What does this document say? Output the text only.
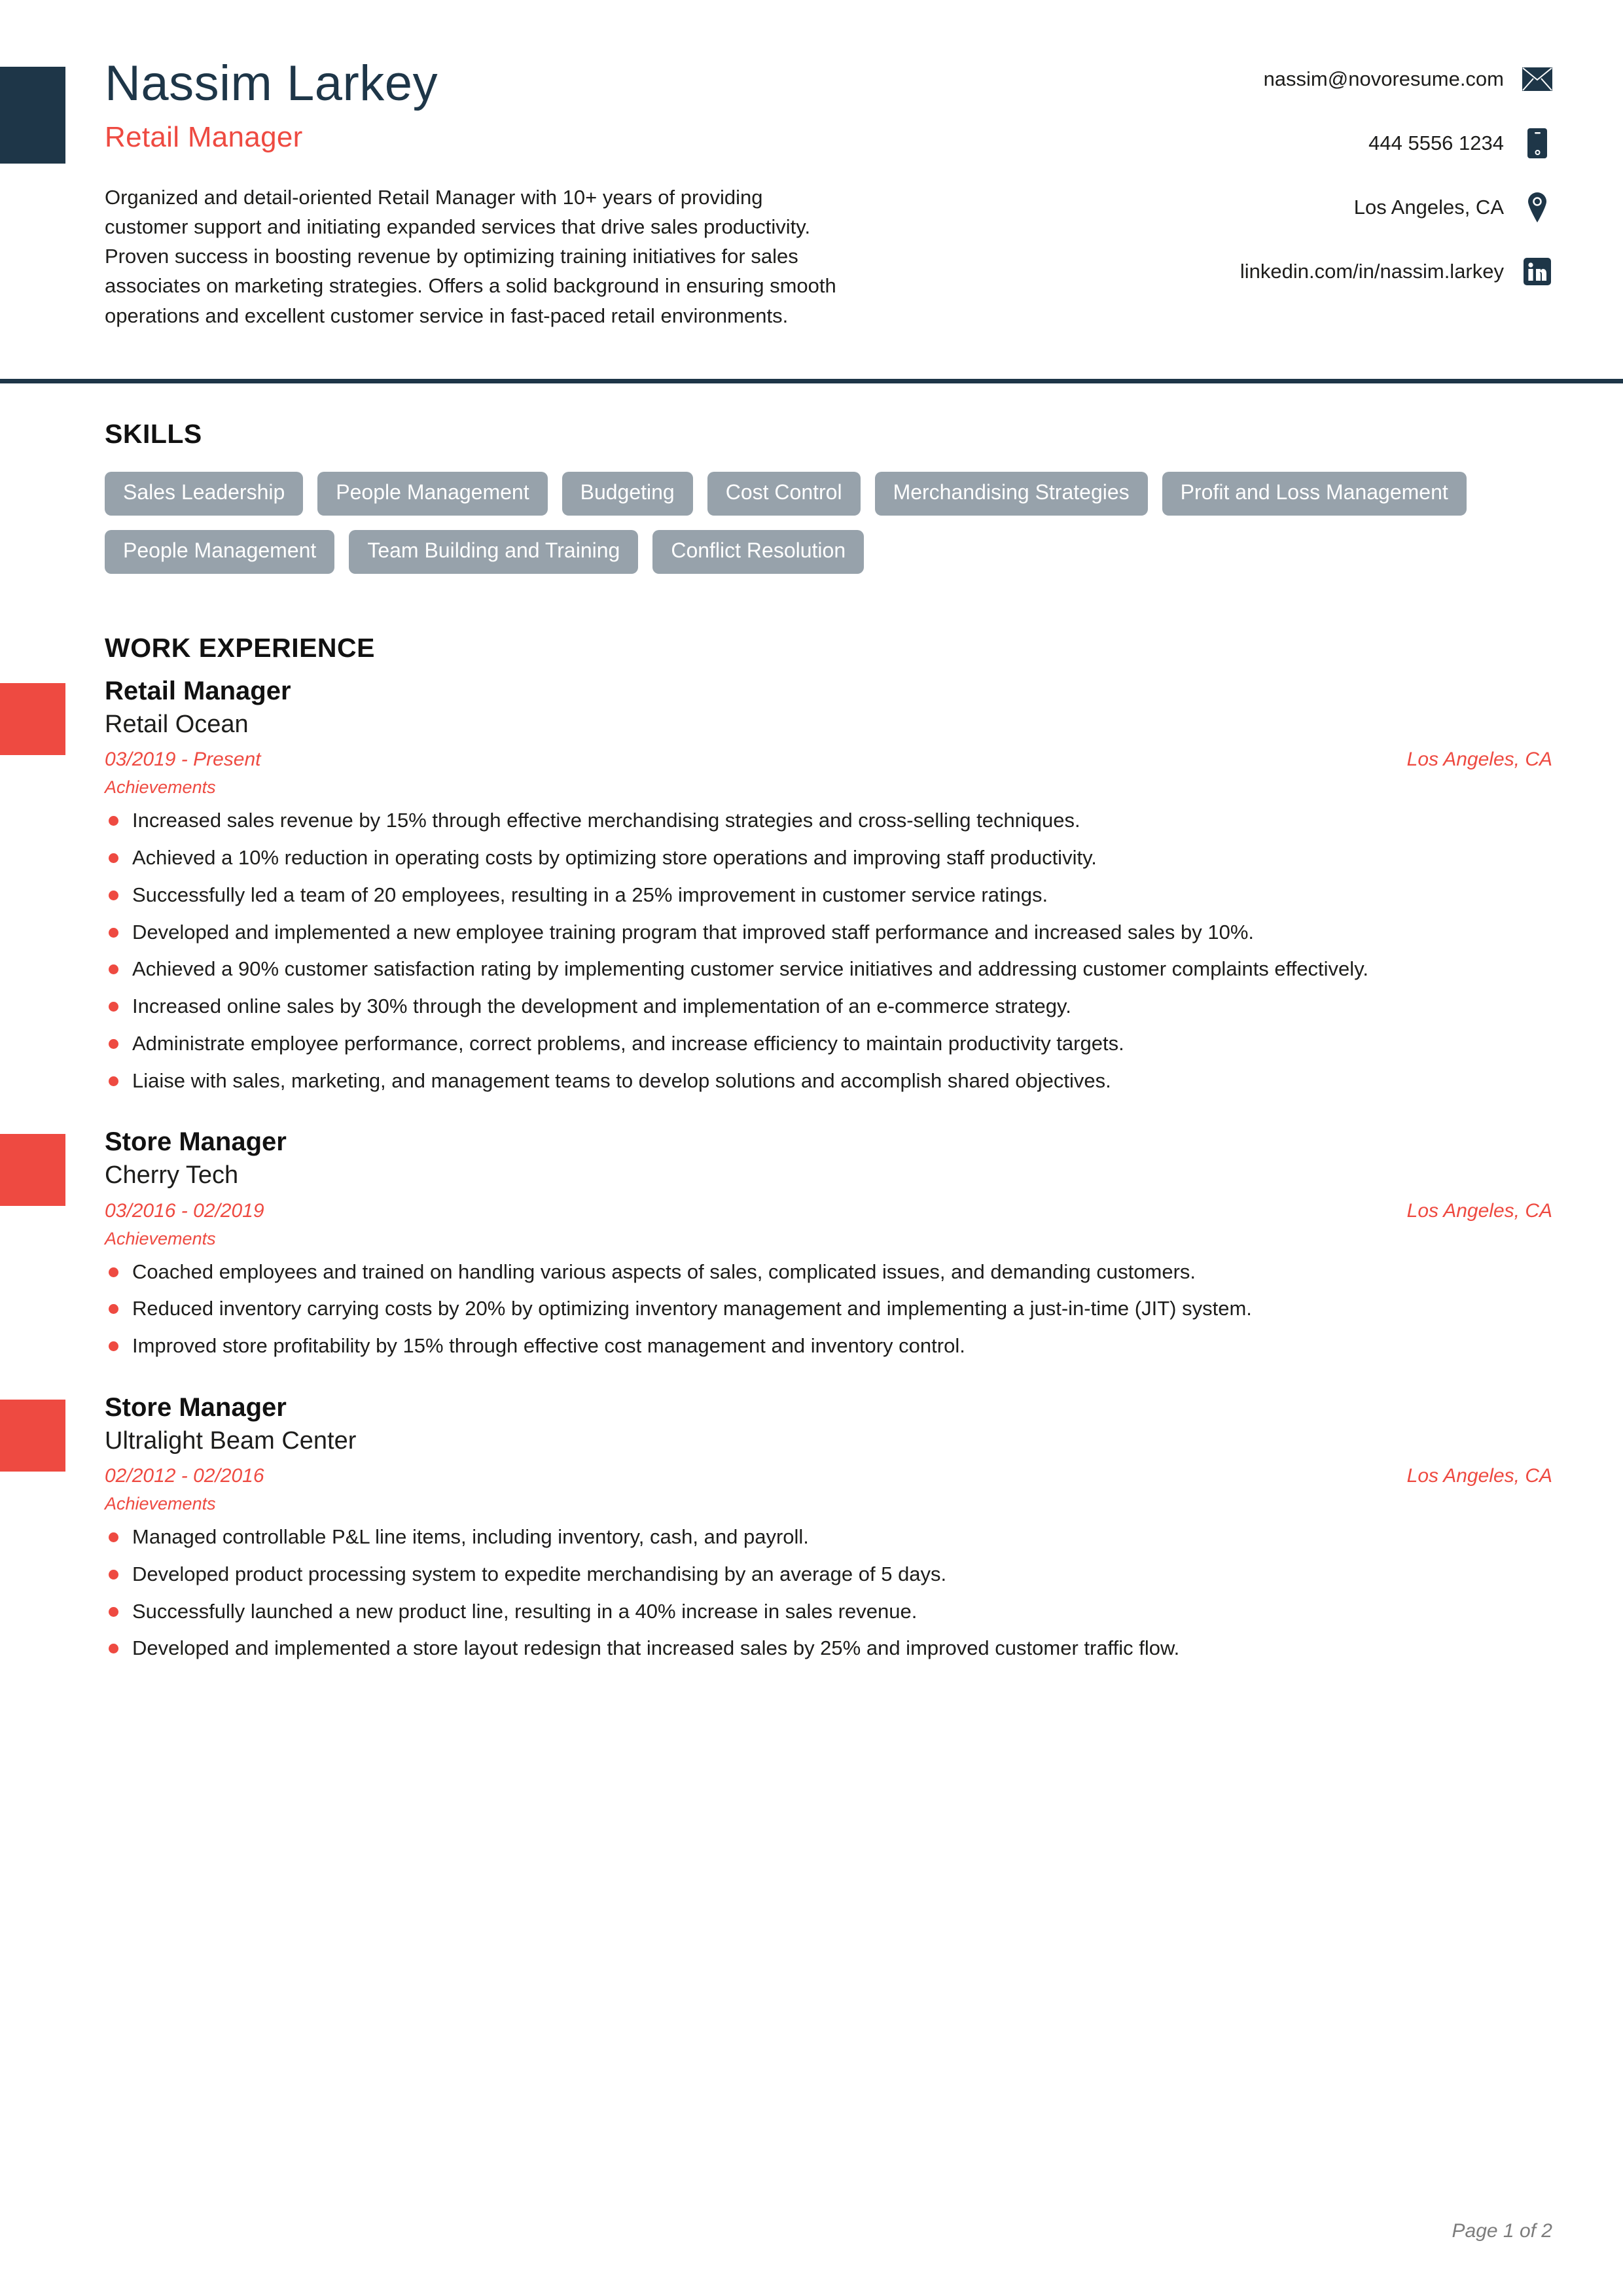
Nassim Larkey
Retail Manager
Organized and detail-oriented Retail Manager with 10+ years of providing customer support and initiating expanded services that drive sales productivity. Proven success in boosting revenue by optimizing training initiatives for sales associates on marketing strategies. Offers a solid background in ensuring smooth operations and excellent customer service in fast-paced retail environments.
nassim@novoresume.com
444 5556 1234
Los Angeles, CA
linkedin.com/in/nassim.larkey
SKILLS
Sales Leadership	People Management	Budgeting	Cost Control	Merchandising Strategies	Profit and Loss Management
People Management	Team Building and Training	Conflict Resolution
WORK EXPERIENCE
Retail Manager
Retail Ocean
03/2019 - Present	Los Angeles, CA
Achievements
Increased sales revenue by 15% through effective merchandising strategies and cross-selling techniques.
Achieved a 10% reduction in operating costs by optimizing store operations and improving staff productivity.
Successfully led a team of 20 employees, resulting in a 25% improvement in customer service ratings.
Developed and implemented a new employee training program that improved staff performance and increased sales by 10%.
Achieved a 90% customer satisfaction rating by implementing customer service initiatives and addressing customer complaints effectively.
Increased online sales by 30% through the development and implementation of an e-commerce strategy.
Administrate employee performance, correct problems, and increase efficiency to maintain productivity targets.
Liaise with sales, marketing, and management teams to develop solutions and accomplish shared objectives.
Store Manager
Cherry Tech
03/2016 - 02/2019	Los Angeles, CA
Achievements
Coached employees and trained on handling various aspects of sales, complicated issues, and demanding customers.
Reduced inventory carrying costs by 20% by optimizing inventory management and implementing a just-in-time (JIT) system.
Improved store profitability by 15% through effective cost management and inventory control.
Store Manager
Ultralight Beam Center
02/2012 - 02/2016	Los Angeles, CA
Achievements
Managed controllable P&L line items, including inventory, cash, and payroll.
Developed product processing system to expedite merchandising by an average of 5 days.
Successfully launched a new product line, resulting in a 40% increase in sales revenue.
Developed and implemented a store layout redesign that increased sales by 25% and improved customer traffic flow.
Page 1 of 2
